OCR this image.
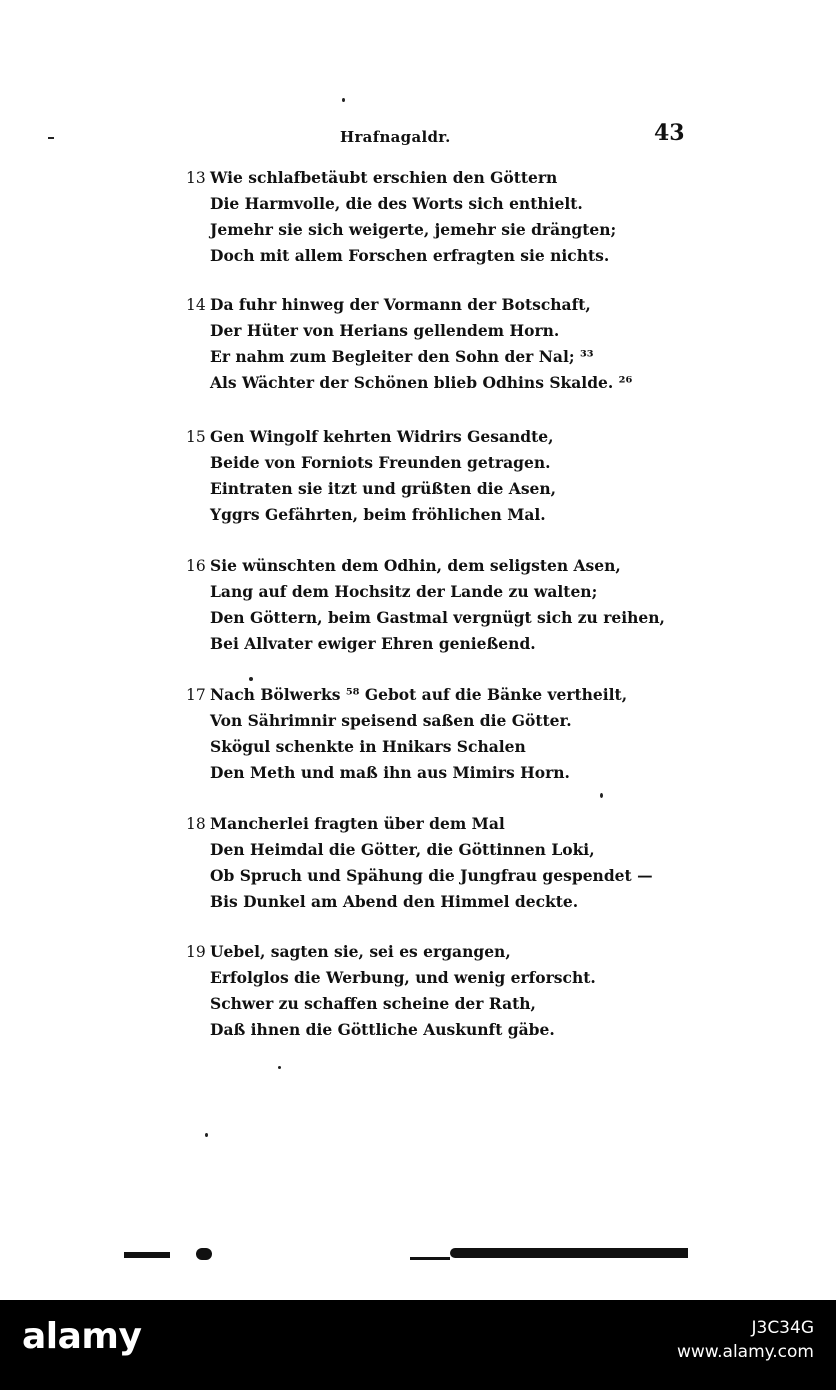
Hrafnagaldr.	43
13 Wie schlafbetäubt erschien den Göttern
Die Harmvolle, die des Worts sich enthielt.
Jemehr sie sich weigerte, jemehr sie drängten;
Doch mit allem Forschen erfragten sie nichts.
14 Da fuhr hinweg der Vormann der Botschaft,
Der Hüter von Herians gellendem Horn.
Er nahm zum Begleiter den Sohn der Nal; ³³
Als Wächter der Schönen blieb Odhins Skalde. ²⁶
15 Gen Wingolf kehrten Widrirs Gesandte,
Beide von Forniots Freunden getragen.
Eintraten sie itzt und grüßten die Asen,
Yggrs Gefährten, beim fröhlichen Mal.
16 Sie wünschten dem Odhin, dem seligsten Asen,
Lang auf dem Hochsitz der Lande zu walten;
Den Göttern, beim Gastmal vergnügt sich zu reihen,
Bei Allvater ewiger Ehren genießend.
17 Nach Bölwerks ⁵⁸ Gebot auf die Bänke vertheilt,
Von Sährimnir speisend saßen die Götter.
Skögul schenkte in Hnikars Schalen
Den Meth und maß ihn aus Mimirs Horn.
18 Mancherlei fragten über dem Mal
Den Heimdal die Götter, die Göttinnen Loki,
Ob Spruch und Spähung die Jungfrau gespendet —
Bis Dunkel am Abend den Himmel deckte.
19 Uebel, sagten sie, sei es ergangen,
Erfolglos die Werbung, und wenig erforscht.
Schwer zu schaffen scheine der Rath,
Daß ihnen die Göttliche Auskunft gäbe.
alamy	J3C34G
www.alamy.com
